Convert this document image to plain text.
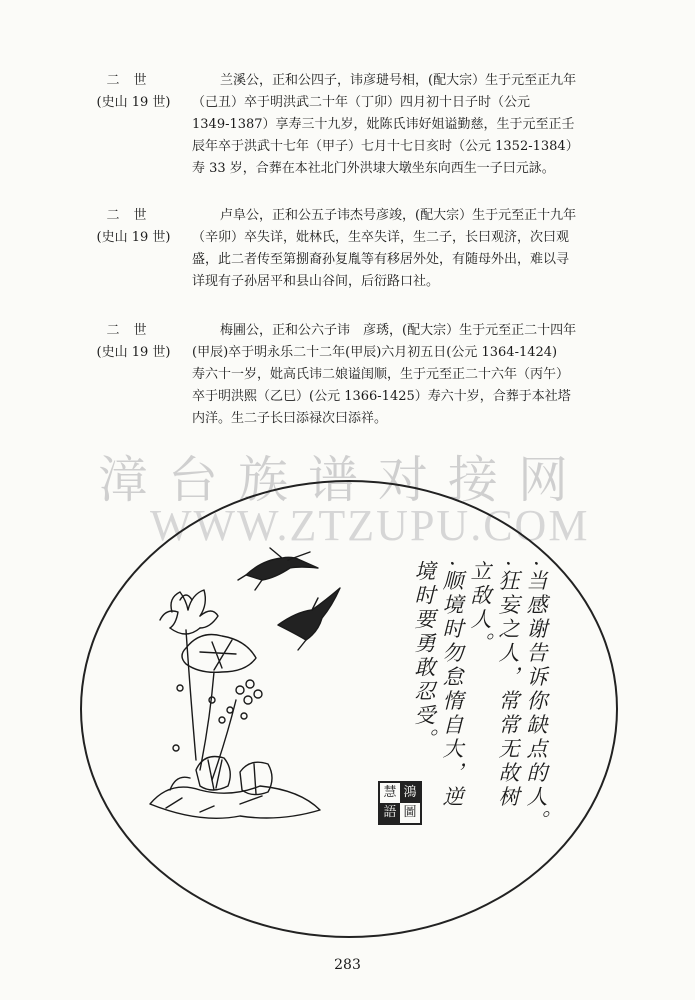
二世
(史山 19 世)
兰溪公，正和公四子，讳彦琎号相，(配大宗）生于元至正九年
（己丑）卒于明洪武二十年（丁卯）四月初十日子时（公元
1349-1387）享寿三十九岁，妣陈氏讳好姐谥勤慈，生于元至正壬
辰年卒于洪武十七年（甲子）七月十七日亥时（公元 1352-1384）
寿 33 岁，合葬在本社北门外洪埭大墩坐东向西生一子曰元詠。
二世
(史山 19 世)
卢阜公，正和公五子讳杰号彦竣，(配大宗）生于元至正十九年
（辛卯）卒失详，妣林氏，生卒失详，生二子，长曰观济，次曰观
盛，此二者传至第捌裔孙复胤等有移居外处，有随母外出，难以寻
详现有子孙居平和县山谷间，后衍路口社。
二世
(史山 19 世)
梅圃公，正和公六子讳　彦琇，(配大宗）生于元至正二十四年
(甲辰)卒于明永乐二十二年(甲辰)六月初五日(公元 1364-1424)
寿六十一岁，妣高氏讳二娘谥闺顺，生于元至正二十六年（丙午）
卒于明洪熙（乙巳）(公元 1366-1425）寿六十岁，合葬于本社塔
内洋。生二子长曰添禄次曰添祥。
漳台族谱对接网
WWW.ZTZUPU.COM
·当感谢告诉你缺点的人。
·狂妄之人，常常无故树
立敌人。
·顺境时勿怠惰自大，逆
境时要勇敢忍受。
慧 鴻
語 圖
283
